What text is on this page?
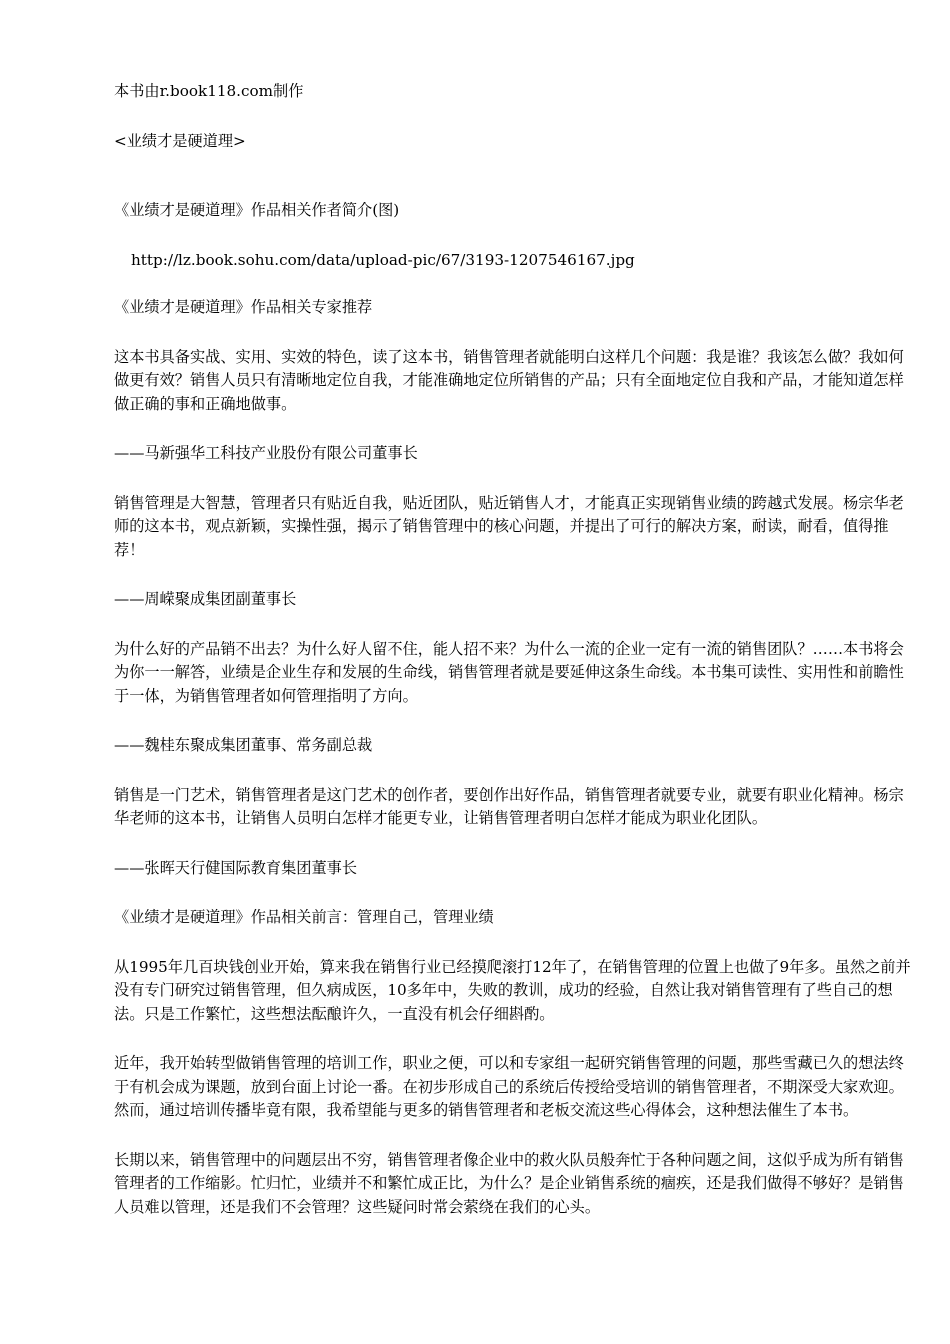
本书由r.book118.com制作
<业绩才是硬道理>
《业绩才是硬道理》作品相关作者简介(图)
http://lz.book.sohu.com/data/upload-pic/67/3193-1207546167.jpg
《业绩才是硬道理》作品相关专家推荐
这本书具备实战、实用、实效的特色，读了这本书，销售管理者就能明白这样几个问题：我是谁？我该怎么做？我如何做更有效？销售人员只有清晰地定位自我，才能准确地定位所销售的产品；只有全面地定位自我和产品，才能知道怎样做正确的事和正确地做事。
——马新强华工科技产业股份有限公司董事长
销售管理是大智慧，管理者只有贴近自我，贴近团队，贴近销售人才，才能真正实现销售业绩的跨越式发展。杨宗华老师的这本书，观点新颖，实操性强，揭示了销售管理中的核心问题，并提出了可行的解决方案，耐读，耐看，值得推荐！
——周嵘聚成集团副董事长
为什么好的产品销不出去？为什么好人留不住，能人招不来？为什么一流的企业一定有一流的销售团队？……本书将会为你一一解答，业绩是企业生存和发展的生命线，销售管理者就是要延伸这条生命线。本书集可读性、实用性和前瞻性于一体，为销售管理者如何管理指明了方向。
——魏桂东聚成集团董事、常务副总裁
销售是一门艺术，销售管理者是这门艺术的创作者，要创作出好作品，销售管理者就要专业，就要有职业化精神。杨宗华老师的这本书，让销售人员明白怎样才能更专业，让销售管理者明白怎样才能成为职业化团队。
——张晖天行健国际教育集团董事长
《业绩才是硬道理》作品相关前言：管理自己，管理业绩
从1995年几百块钱创业开始，算来我在销售行业已经摸爬滚打12年了，在销售管理的位置上也做了9年多。虽然之前并没有专门研究过销售管理，但久病成医，10多年中，失败的教训，成功的经验，自然让我对销售管理有了些自己的想法。只是工作繁忙，这些想法酝酿许久，一直没有机会仔细斟酌。
近年，我开始转型做销售管理的培训工作，职业之便，可以和专家组一起研究销售管理的问题，那些雪藏已久的想法终于有机会成为课题，放到台面上讨论一番。在初步形成自己的系统后传授给受培训的销售管理者，不期深受大家欢迎。然而，通过培训传播毕竟有限，我希望能与更多的销售管理者和老板交流这些心得体会，这种想法催生了本书。
长期以来，销售管理中的问题层出不穷，销售管理者像企业中的救火队员般奔忙于各种问题之间，这似乎成为所有销售管理者的工作缩影。忙归忙，业绩并不和繁忙成正比，为什么？是企业销售系统的痼疾，还是我们做得不够好？是销售人员难以管理，还是我们不会管理？这些疑问时常会萦绕在我们的心头。
